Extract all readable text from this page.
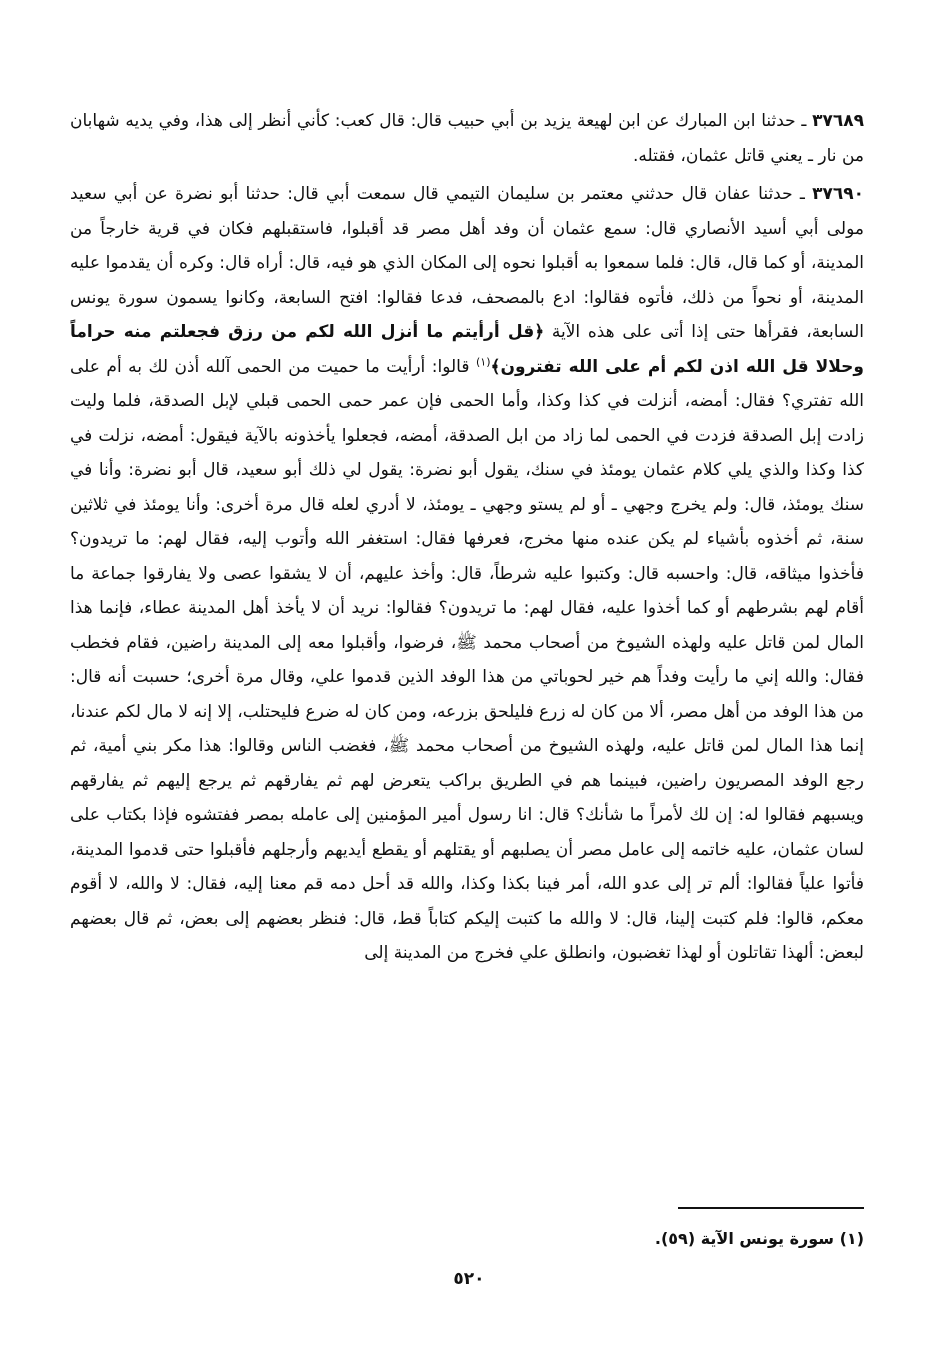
٣٧٦٨٩ ـ حدثنا ابن المبارك عن ابن لهيعة يزيد بن أبي حبيب قال: قال كعب: كأني أنظر إلى هذا، وفي يديه شهابان من نار ـ يعني قاتل عثمان، فقتله.

٣٧٦٩٠ ـ حدثنا عفان قال حدثني معتمر بن سليمان التيمي قال سمعت أبي قال: حدثنا أبو نضرة عن أبي سعيد مولى أبي أسيد الأنصاري قال: سمع عثمان أن وفد أهل مصر قد أقبلوا، فاستقبلهم فكان في قرية خارجاً من المدينة، أو كما قال، قال: فلما سمعوا به أقبلوا نحوه إلى المكان الذي هو فيه، قال: أراه قال: وكره أن يقدموا عليه المدينة، أو نحواً من ذلك، فأتوه فقالوا: ادع بالمصحف، فدعا فقالوا: افتح السابعة، وكانوا يسمون سورة يونس السابعة، فقرأها حتى إذا أتى على هذه الآية ﴿قل أرأيتم ما أنزل الله لكم من رزق فجعلتم منه حراماً وحلالا قل الله اذن لكم أم على الله تفترون﴾$^{(١)}$ قالوا: أرأيت ما حميت من الحمى آلله أذن لك به أم على الله تفتري؟ فقال: أمضه، أنزلت في كذا وكذا، وأما الحمى فإن عمر حمى الحمى قبلي لإبل الصدقة، فلما وليت زادت إبل الصدقة فزدت في الحمى لما زاد من ابل الصدقة، أمضه، فجعلوا يأخذونه بالآية فيقول: أمضه، نزلت في كذا وكذا والذي يلي كلام عثمان يومئذ في سنك، يقول أبو نضرة: يقول لي ذلك أبو سعيد، قال أبو نضرة: وأنا في سنك يومئذ، قال: ولم يخرج وجهي ـ أو لم يستو وجهي ـ يومئذ، لا أدري لعله قال مرة أخرى: وأنا يومئذ في ثلاثين سنة، ثم أخذوه بأشياء لم يكن عنده منها مخرج، فعرفها فقال: استغفر الله وأتوب إليه، فقال لهم: ما تريدون؟ فأخذوا ميثاقه، قال: واحسبه قال: وكتبوا عليه شرطاً، قال: وأخذ عليهم، أن لا يشقوا عصى ولا يفارقوا جماعة ما أقام لهم بشرطهم أو كما أخذوا عليه، فقال لهم: ما تريدون؟ فقالوا: نريد أن لا يأخذ أهل المدينة عطاء، فإنما هذا المال لمن قاتل عليه ولهذه الشيوخ من أصحاب محمد ﷺ، فرضوا، وأقبلوا معه إلى المدينة راضين، فقام فخطب فقال: والله إني ما رأيت وفداً هم خير لحوباتي من هذا الوفد الذين قدموا علي، وقال مرة أخرى؛ حسبت أنه قال: من هذا الوفد من أهل مصر، ألا من كان له زرع فليلحق بزرعه، ومن كان له ضرع فليحتلب، إلا إنه لا مال لكم عندنا، إنما هذا المال لمن قاتل عليه، ولهذه الشيوخ من أصحاب محمد ﷺ، فغضب الناس وقالوا: هذا مكر بني أمية، ثم رجع الوفد المصريون راضين، فبينما هم في الطريق براكب يتعرض لهم ثم يفارقهم ثم يرجع إليهم ثم يفارقهم ويسبهم فقالوا له: إن لك لأمراً ما شأنك؟ قال: انا رسول أمير المؤمنين إلى عامله بمصر ففتشوه فإذا بكتاب على لسان عثمان، عليه خاتمه إلى عامل مصر أن يصلبهم أو يقتلهم أو يقطع أيديهم وأرجلهم فأقبلوا حتى قدموا المدينة، فأتوا علياً فقالوا: ألم تر إلى عدو الله، أمر فينا بكذا وكذا، والله قد أحل دمه قم معنا إليه، فقال: لا والله، لا أقوم معكم، قالوا: فلم كتبت إلينا، قال: لا والله ما كتبت إليكم كتاباً قط، قال: فنظر بعضهم إلى بعض، ثم قال بعضهم لبعض: ألهذا تقاتلون أو لهذا تغضبون، وانطلق علي فخرج من المدينة إلى

(١) سورة يونس الآية (٥٩).
٥٢٠
